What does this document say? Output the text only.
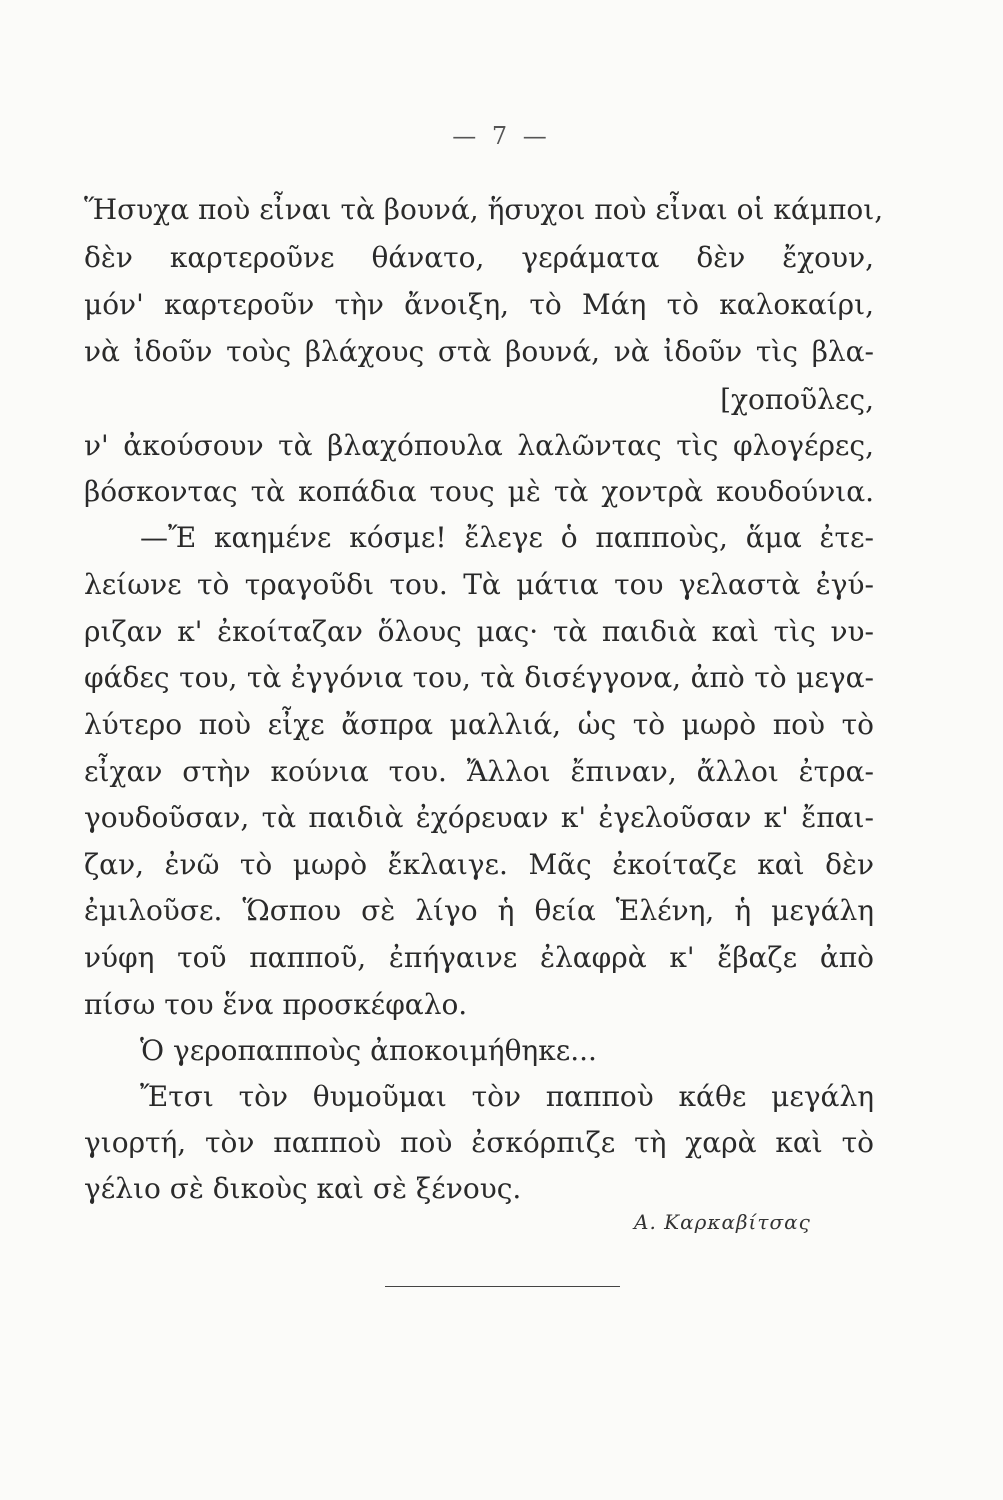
— 7 —
Ἥσυχα ποὺ εἶναι τὰ βουνά, ἥσυχοι ποὺ εἶναι οἱ κάμποι,
δὲν καρτεροῦνε θάνατο, γεράματα δὲν ἔχουν,
μόν' καρτεροῦν τὴν ἄνοιξη, τὸ Μάη τὸ καλοκαίρι,
νὰ ἰδοῦν τοὺς βλάχους στὰ βουνά, νὰ ἰδοῦν τὶς βλα-
[χοποῦλες,
ν' ἀκούσουν τὰ βλαχόπουλα λαλῶντας τὶς φλογέρες,
βόσκοντας τὰ κοπάδια τους μὲ τὰ χοντρὰ κουδούνια.
—Ἔ καημένε κόσμε! ἔλεγε ὁ παπποὺς, ἅμα ἐτε-
λείωνε τὸ τραγοῦδι του. Τὰ μάτια του γελαστὰ ἐγύ-
ριζαν κ' ἐκοίταζαν ὅλους μας· τὰ παιδιὰ καὶ τὶς νυ-
φάδες του, τὰ ἐγγόνια του, τὰ δισέγγονα, ἀπὸ τὸ μεγα-
λύτερο ποὺ εἶχε ἄσπρα μαλλιά, ὡς τὸ μωρὸ ποὺ τὸ
εἶχαν στὴν κούνια του. Ἄλλοι ἔπιναν, ἄλλοι ἐτρα-
γουδοῦσαν, τὰ παιδιὰ ἐχόρευαν κ' ἐγελοῦσαν κ' ἔπαι-
ζαν, ἐνῶ τὸ μωρὸ ἔκλαιγε. Μᾶς ἐκοίταζε καὶ δὲν
ἐμιλοῦσε. Ὥσπου σὲ λίγο ἡ θεία Ἑλένη, ἡ μεγάλη
νύφη τοῦ παπποῦ, ἐπήγαινε ἐλαφρὰ κ' ἔβαζε ἀπὸ
πίσω του ἕνα προσκέφαλο.
Ὁ γεροπαπποὺς ἀποκοιμήθηκε...
Ἔτσι τὸν θυμοῦμαι τὸν παπποὺ κάθε μεγάλη
γιορτή, τὸν παπποὺ ποὺ ἐσκόρπιζε τὴ χαρὰ καὶ τὸ
γέλιο σὲ δικοὺς καὶ σὲ ξένους.
Α. Καρκαβίτσας
